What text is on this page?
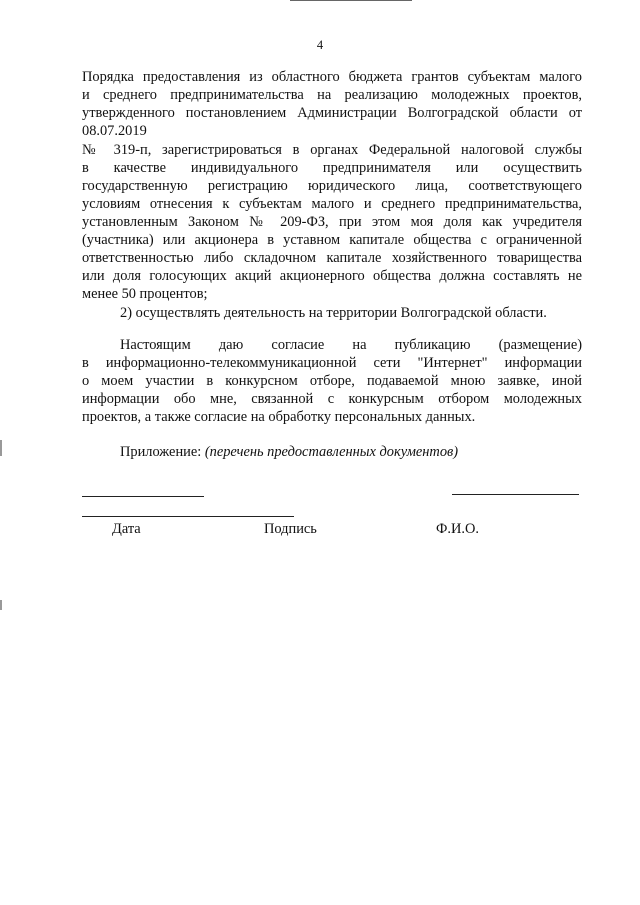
4
Порядка предоставления из областного бюджета грантов субъектам малого
и среднего предпринимательства на реализацию молодежных проектов,
утвержденного постановлением Администрации Волгоградской области от
08.07.2019
№ 319-п, зарегистрироваться в органах Федеральной налоговой службы
в качестве индивидуального предпринимателя или осуществить
государственную регистрацию юридического лица, соответствующего
условиям отнесения к субъектам малого и среднего предпринимательства,
установленным Законом № 209-ФЗ, при этом моя доля как учредителя
(участника) или акционера в уставном капитале общества с ограниченной
ответственностью либо складочном капитале хозяйственного товарищества
или доля голосующих акций акционерного общества должна составлять не
менее 50 процентов;
2) осуществлять деятельность на территории Волгоградской области.
Настоящим даю согласие на публикацию (размещение)
в информационно-телекоммуникационной сети "Интернет" информации
о моем участии в конкурсном отборе, подаваемой мною заявке, иной
информации обо мне, связанной с конкурсным отбором молодежных
проектов, а также согласие на обработку персональных данных.
Приложение: (перечень предоставленных документов)
Дата	Подпись	Ф.И.О.
